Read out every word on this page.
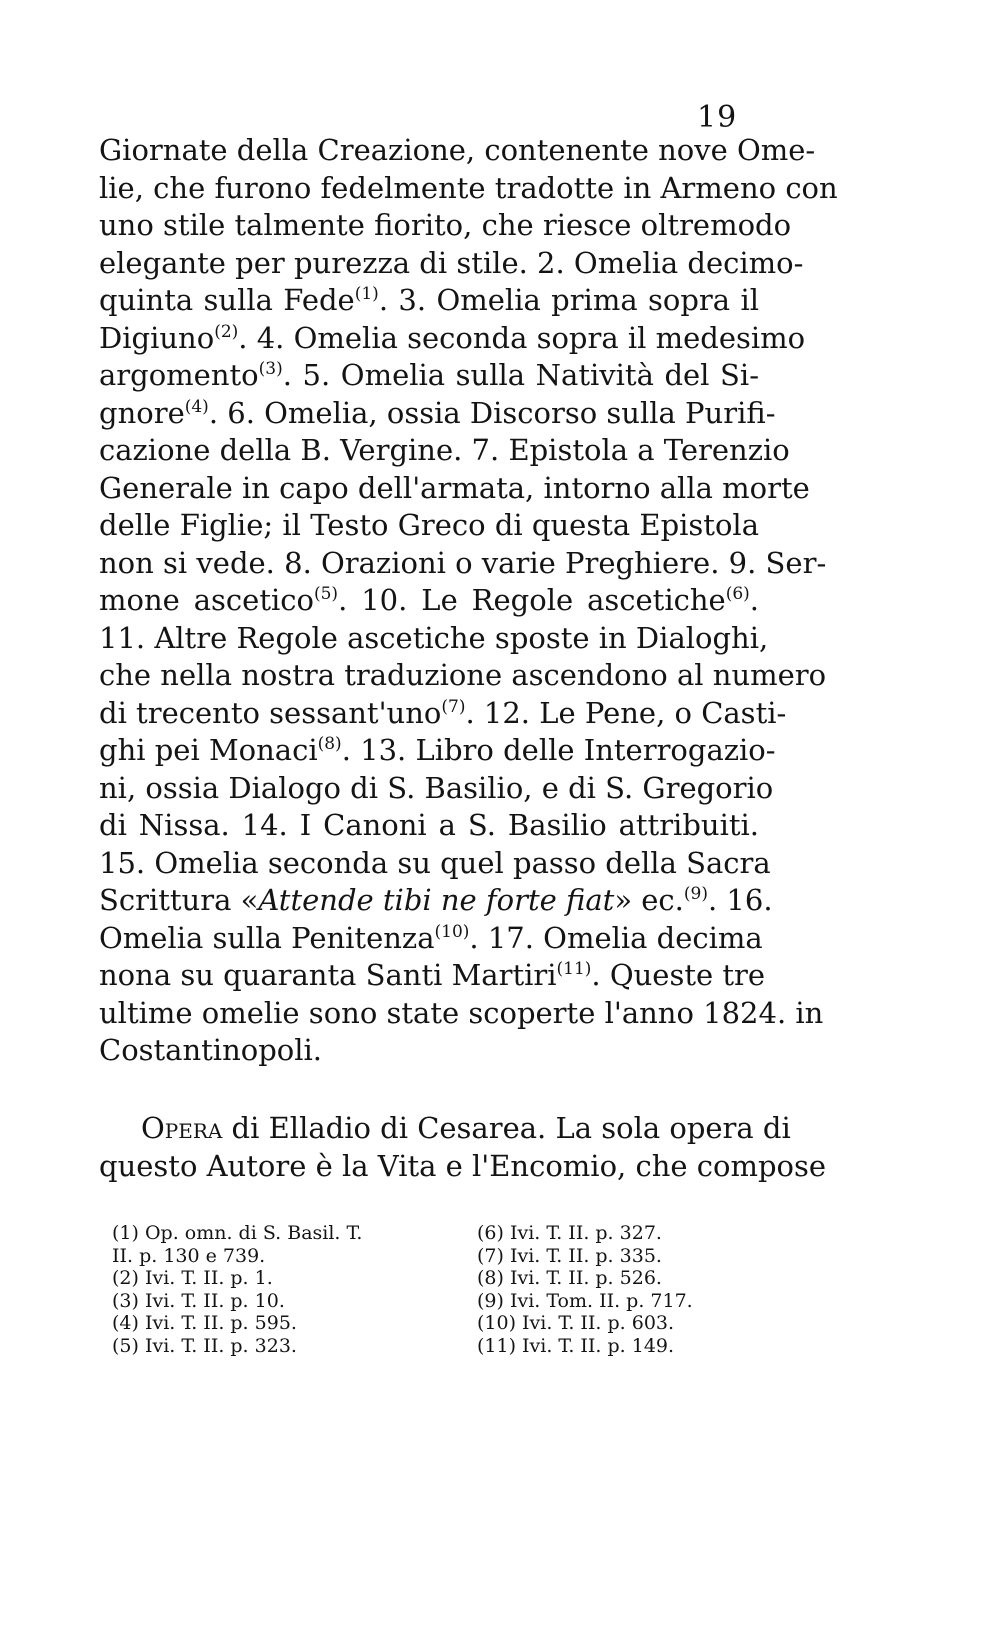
19
Giornate della Creazione, contenente nove Ome-
lie, che furono fedelmente tradotte in Armeno con
uno stile talmente fiorito, che riesce oltremodo
elegante per purezza di stile. 2. Omelia decimo-
quinta sulla Fede$^{(1)}$. 3. Omelia prima sopra il
Digiuno$^{(2)}$. 4. Omelia seconda sopra il medesimo
argomento$^{(3)}$. 5. Omelia sulla Natività del Si-
gnore$^{(4)}$. 6. Omelia, ossia Discorso sulla Purifi-
cazione della B. Vergine. 7. Epistola a Terenzio
Generale in capo dell'armata, intorno alla morte
delle Figlie; il Testo Greco di questa Epistola
non si vede. 8. Orazioni o varie Preghiere. 9. Ser-
mone ascetico$^{(5)}$. 10. Le Regole ascetiche$^{(6)}$.
11. Altre Regole ascetiche sposte in Dialoghi,
che nella nostra traduzione ascendono al numero
di trecento sessant'uno$^{(7)}$. 12. Le Pene, o Casti-
ghi pei Monaci$^{(8)}$. 13. Libro delle Interrogazio-
ni, ossia Dialogo di S. Basilio, e di S. Gregorio
di Nissa. 14. I Canoni a S. Basilio attribuiti.
15. Omelia seconda su quel passo della Sacra
Scrittura «Attende tibi ne forte fiat» ec.$^{(9)}$. 16.
Omelia sulla Penitenza$^{(10)}$. 17. Omelia decima
nona su quaranta Santi Martiri$^{(11)}$. Queste tre
ultime omelie sono state scoperte l'anno 1824. in
Costantinopoli.
Opera di Elladio di Cesarea. La sola opera di
questo Autore è la Vita e l'Encomio, che compose
(1) Op. omn. di S. Basil. T.
II. p. 130 e 739.
(2) Ivi. T. II. p. 1.
(3) Ivi. T. II. p. 10.
(4) Ivi. T. II. p. 595.
(5) Ivi. T. II. p. 323.
(6) Ivi. T. II. p. 327.
(7) Ivi. T. II. p. 335.
(8) Ivi. T. II. p. 526.
(9) Ivi. Tom. II. p. 717.
(10) Ivi. T. II. p. 603.
(11) Ivi. T. II. p. 149.
